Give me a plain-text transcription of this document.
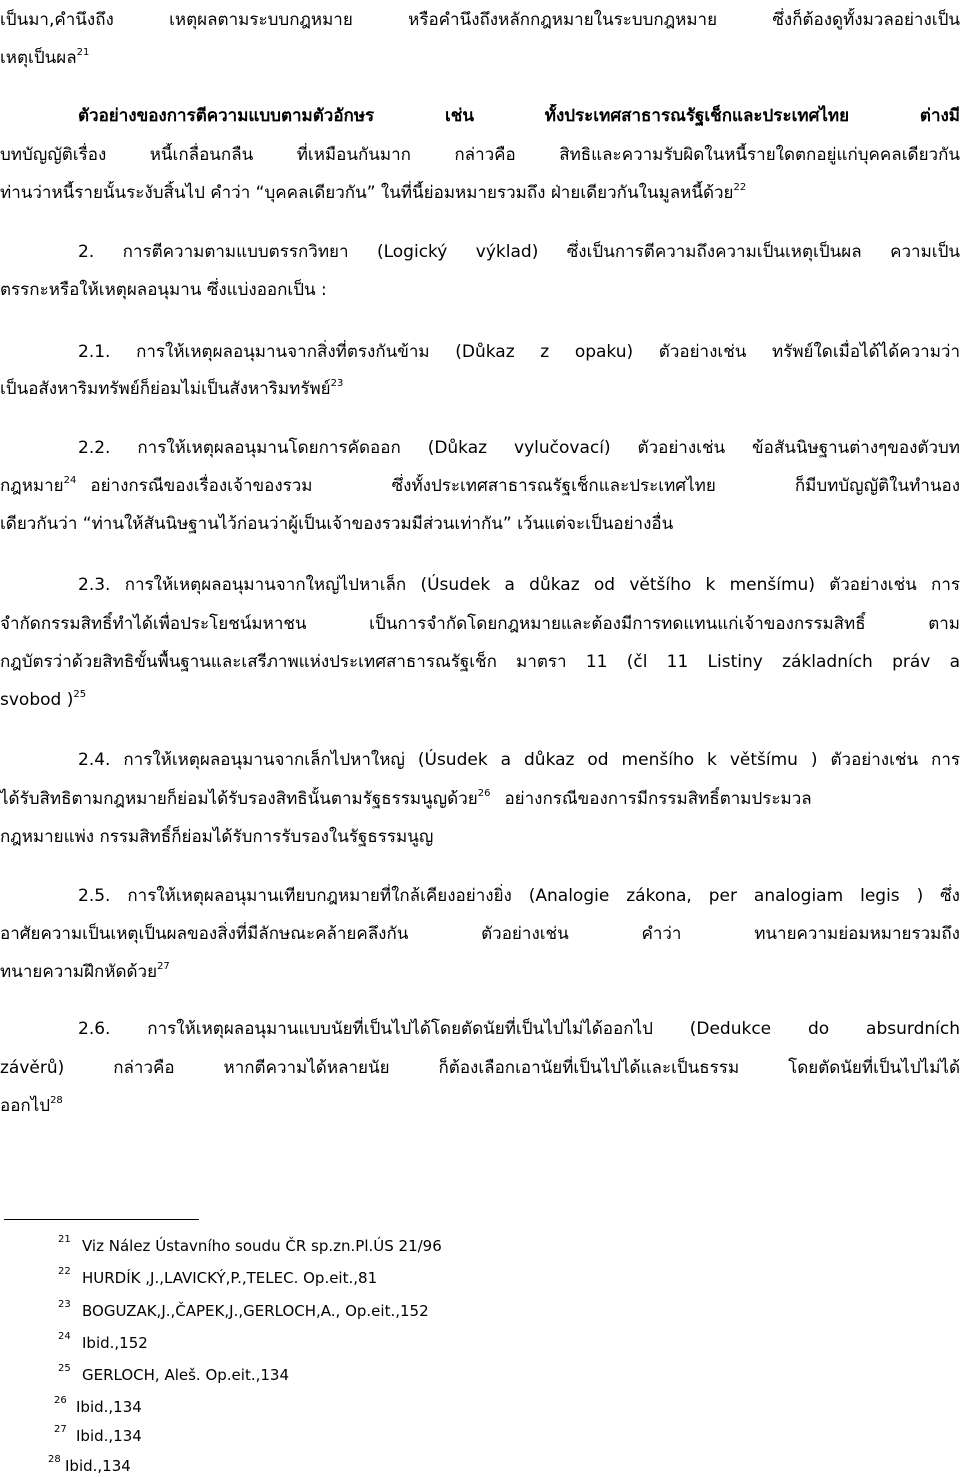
เป็นมา,คำนึงถึง เหตุผลตามระบบกฎหมาย หรือคำนึงถึงหลักกฎหมายในระบบกฎหมาย ซึ่งก็ต้องดูทั้งมวลอย่างเป็น
เหตุเป็นผล$^{21}$
ตัวอย่างของการตีความแบบตามตัวอักษร เช่น ทั้งประเทศสาธารณรัฐเช็กและประเทศไทย ต่างมี
บทบัญญัติเรื่อง หนี้เกลื่อนกลืน ที่เหมือนกันมาก กล่าวคือ สิทธิและความรับผิดในหนี้รายใดตกอยู่แก่บุคคลเดียวกัน
ท่านว่าหนี้รายนั้นระงับสิ้นไป คำว่า “บุคคลเดียวกัน” ในที่นี้ย่อมหมายรวมถึง ฝ่ายเดียวกันในมูลหนี้ด้วย$^{22}$
2. การตีความตามแบบตรรกวิทยา (Logický výklad) ซึ่งเป็นการตีความถึงความเป็นเหตุเป็นผล ความเป็น
ตรรกะหรือให้เหตุผลอนุมาน ซึ่งแบ่งออกเป็น :
2.1. การให้เหตุผลอนุมานจากสิ่งที่ตรงกันข้าม (Důkaz z opaku) ตัวอย่างเช่น ทรัพย์ใดเมื่อได้ได้ความว่า
เป็นอสังหาริมทรัพย์ก็ย่อมไม่เป็นสังหาริมทรัพย์$^{23}$
2.2. การให้เหตุผลอนุมานโดยการคัดออก (Důkaz vylučovací) ตัวอย่างเช่น ข้อสันนิษฐานต่างๆของตัวบท
กฎหมาย$^{24}$ อย่างกรณีของเรื่องเจ้าของรวม ซึ่งทั้งประเทศสาธารณรัฐเช็กและประเทศไทย ก็มีบทบัญญัติในทำนอง
เดียวกันว่า “ท่านให้สันนิษฐานไว้ก่อนว่าผู้เป็นเจ้าของรวมมีส่วนเท่ากัน” เว้นแต่จะเป็นอย่างอื่น
2.3. การให้เหตุผลอนุมานจากใหญ่ไปหาเล็ก (Úsudek a důkaz od většího k menšímu) ตัวอย่างเช่น การ
จำกัดกรรมสิทธิ์ทำได้เพื่อประโยชน์มหาชน เป็นการจำกัดโดยกฎหมายและต้องมีการทดแทนแก่เจ้าของกรรมสิทธิ์ ตาม
กฎบัตรว่าด้วยสิทธิขั้นพื้นฐานและเสรีภาพแห่งประเทศสาธารณรัฐเช็ก มาตรา 11 (čl 11 Listiny základních práv a
svobod )$^{25}$
2.4. การให้เหตุผลอนุมานจากเล็กไปหาใหญ่ (Úsudek a důkaz od menšího k většímu ) ตัวอย่างเช่น การ
ได้รับสิทธิตามกฎหมายก็ย่อมได้รับรองสิทธินั้นตามรัฐธรรมนูญด้วย$^{26}$ อย่างกรณีของการมีกรรมสิทธิ์ตามประมวล
กฎหมายแพ่ง กรรมสิทธิ์ก็ย่อมได้รับการรับรองในรัฐธรรมนูญ
2.5. การให้เหตุผลอนุมานเทียบกฎหมายที่ใกล้เคียงอย่างยิ่ง (Analogie zákona, per analogiam legis ) ซึ่ง
อาศัยความเป็นเหตุเป็นผลของสิ่งที่มีลักษณะคล้ายคลึงกัน ตัวอย่างเช่น คำว่า ทนายความย่อมหมายรวมถึง
ทนายความฝึกหัดด้วย$^{27}$
2.6. การให้เหตุผลอนุมานแบบนัยที่เป็นไปได้โดยตัดนัยที่เป็นไปไม่ได้ออกไป (Dedukce do absurdních
závěrů) กล่าวคือ หากตีความได้หลายนัย ก็ต้องเลือกเอานัยที่เป็นไปได้และเป็นธรรม โดยตัดนัยที่เป็นไปไม่ได้
ออกไป$^{28}$
21 Viz Nález Ústavního soudu ČR sp.zn.Pl.ÚS 21/96
22 HURDÍK ,J.,LAVICKÝ,P.,TELEC. Op.eit.,81
23 BOGUZAK,J.,ČAPEK,J.,GERLOCH,A., Op.eit.,152
24 Ibid.,152
25 GERLOCH, Aleš. Op.eit.,134
26 Ibid.,134
27 Ibid.,134
28 Ibid.,134
